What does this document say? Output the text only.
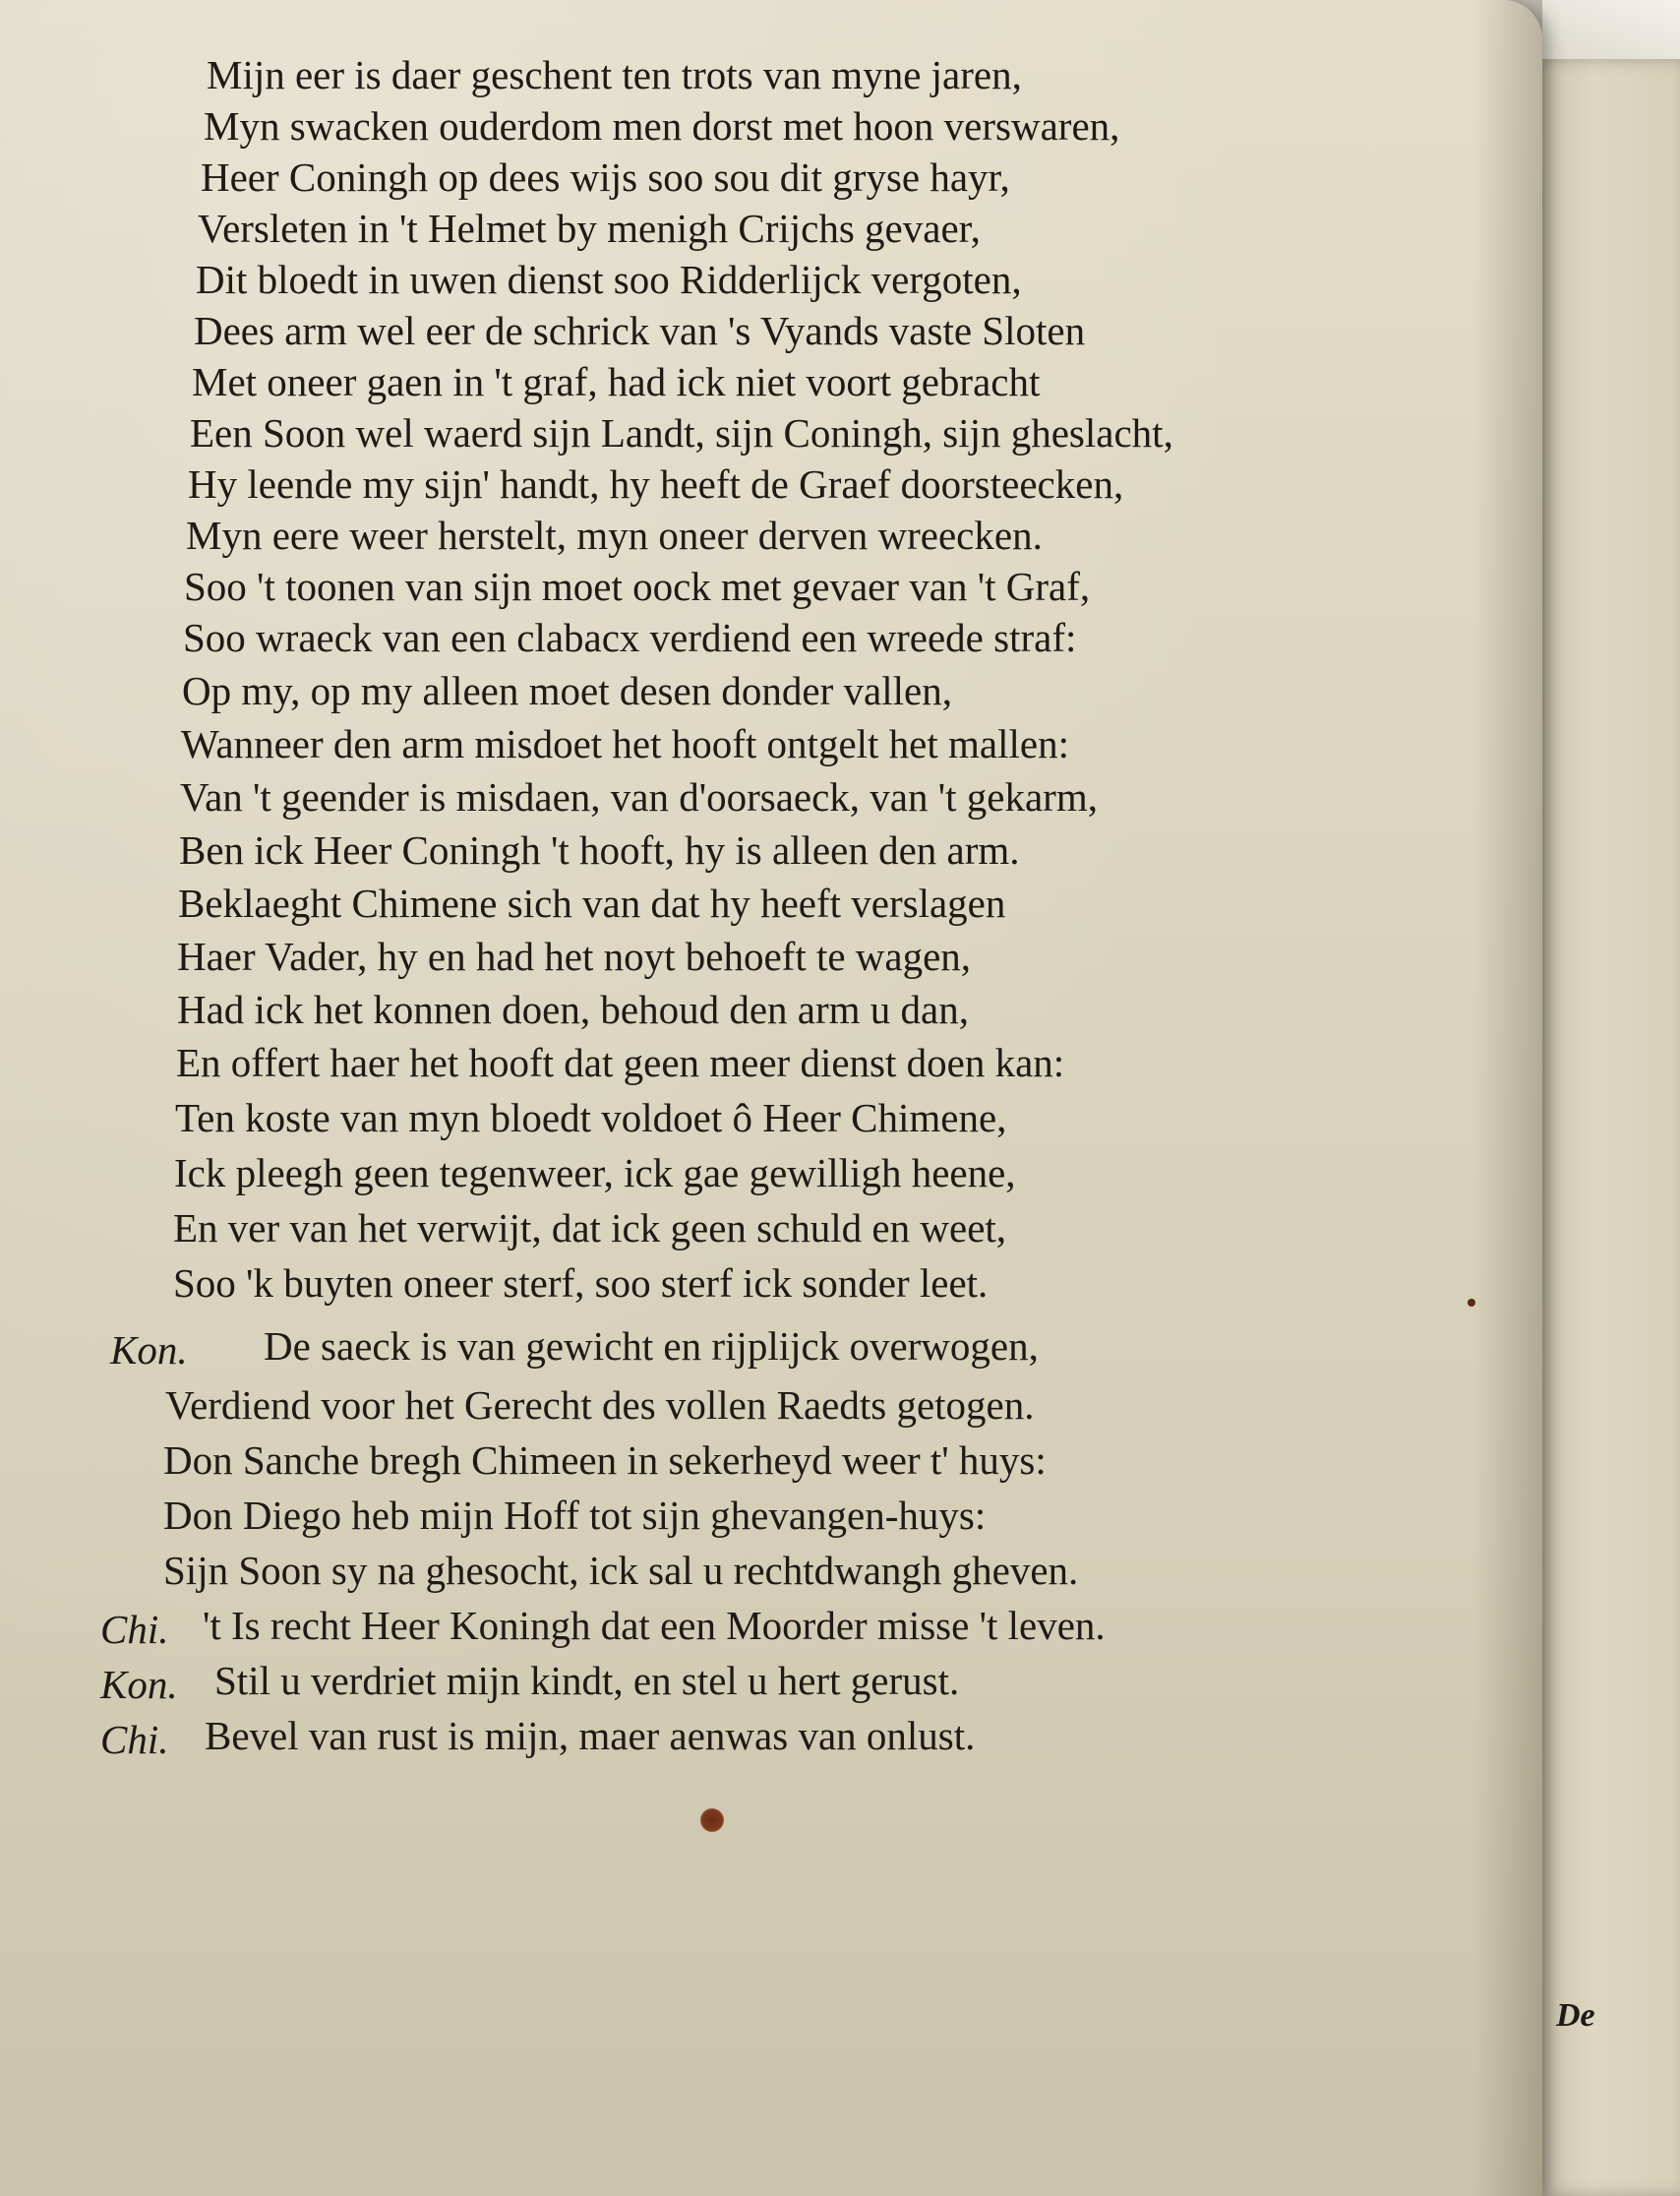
Mijn eer is daer geschent ten trots van myne jaren,
Myn swacken ouderdom men dorst met hoon verswaren,
Heer Coningh op dees wijs soo sou dit gryse hayr,
Versleten in 't Helmet by menigh Crijchs gevaer,
Dit bloedt in uwen dienst soo Ridderlijck vergoten,
Dees arm wel eer de schrick van 's Vyands vaste Sloten
Met oneer gaen in 't graf, had ick niet voort gebracht
Een Soon wel waerd sijn Landt, sijn Coningh, sijn gheslacht,
Hy leende my sijn' handt, hy heeft de Graef doorsteecken,
Myn eere weer herstelt, myn oneer derven wreecken.
Soo 't toonen van sijn moet oock met gevaer van 't Graf,
Soo wraeck van een clabacx verdiend een wreede straf:
Op my, op my alleen moet desen donder vallen,
Wanneer den arm misdoet het hooft ontgelt het mallen:
Van 't geender is misdaen, van d'oorsaeck, van 't gekarm,
Ben ick Heer Coningh 't hooft, hy is alleen den arm.
Beklaeght Chimene sich van dat hy heeft verslagen
Haer Vader, hy en had het noyt behoeft te wagen,
Had ick het konnen doen, behoud den arm u dan,
En offert haer het hooft dat geen meer dienst doen kan:
Ten koste van myn bloedt voldoet ô Heer Chimene,
Ick pleegh geen tegenweer, ick gae gewilligh heene,
En ver van het verwijt, dat ick geen schuld en weet,
Soo 'k buyten oneer sterf, soo sterf ick sonder leet.
Kon. De saeck is van gewicht en rijplijck overwogen,
Verdiend voor het Gerecht des vollen Raedts getogen.
Don Sanche bregh Chimeen in sekerheyd weer t' huys:
Don Diego heb mijn Hoff tot sijn ghevangen-huys:
Sijn Soon sy na ghesocht, ick sal u rechtdwangh gheven.
Chi. 't Is recht Heer Koningh dat een Moorder misse 't leven.
Kon. Stil u verdriet mijn kindt, en stel u hert gerust.
Chi. Bevel van rust is mijn, maer aenwas van onlust.
De
